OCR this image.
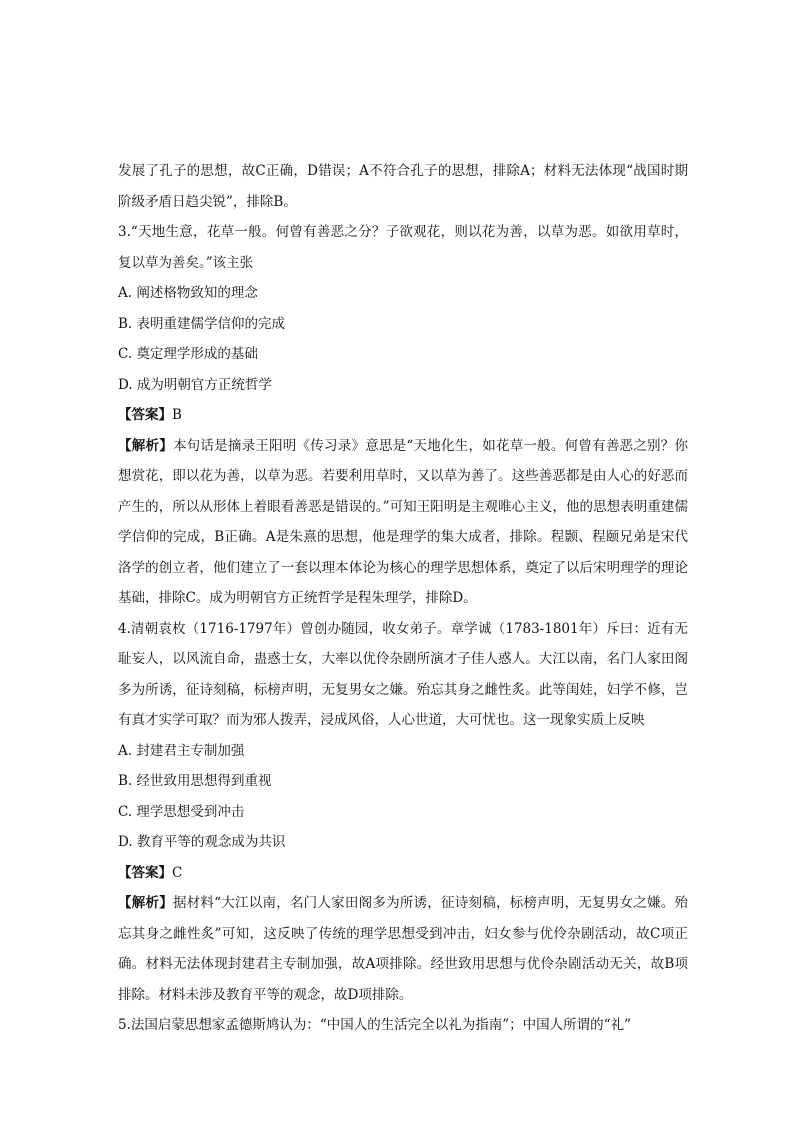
发展了孔子的思想，故C正确，D错误；A不符合孔子的思想，排除A；材料无法体现“战国时期阶级矛盾日趋尖锐”，排除B。

3.“天地生意，花草一般。何曾有善恶之分？子欲观花，则以花为善，以草为恶。如欲用草时，复以草为善矣。”该主张

A. 阐述格物致知的理念

B. 表明重建儒学信仰的完成

C. 奠定理学形成的基础

D. 成为明朝官方正统哲学

【答案】B

【解析】本句话是摘录王阳明《传习录》意思是“天地化生，如花草一般。何曾有善恶之别？你想赏花，即以花为善，以草为恶。若要利用草时，又以草为善了。这些善恶都是由人心的好恶而产生的，所以从形体上着眼看善恶是错误的。”可知王阳明是主观唯心主义，他的思想表明重建儒学信仰的完成，B正确。A是朱熹的思想，他是理学的集大成者，排除。程颢、程颐兄弟是宋代洛学的创立者，他们建立了一套以理本体论为核心的理学思想体系，奠定了以后宋明理学的理论基础，排除C。成为明朝官方正统哲学是程朱理学，排除D。

4.清朝袁枚（1716-1797年）曾创办随园，收女弟子。章学诚（1783-1801年）斥曰：近有无耻妄人，以风流自命，蛊惑士女，大率以优伶杂剧所演才子佳人惑人。大江以南，名门人家田阁多为所诱，征诗刻稿，标榜声明，无复男女之嫌。殆忘其身之雌性炙。此等闺娃，妇学不修，岂有真才实学可取？而为邪人拨弄，浸成风俗，人心世道，大可忧也。这一现象实质上反映

A. 封建君主专制加强

B. 经世致用思想得到重视

C. 理学思想受到冲击

D. 教育平等的观念成为共识

【答案】C

【解析】据材料“大江以南，名门人家田阁多为所诱，征诗刻稿，标榜声明，无复男女之嫌。殆忘其身之雌性炙”可知，这反映了传统的理学思想受到冲击，妇女参与优伶杂剧活动，故C项正确。材料无法体现封建君主专制加强，故A项排除。经世致用思想与优伶杂剧活动无关，故B项排除。材料未涉及教育平等的观念，故D项排除。

5.法国启蒙思想家孟德斯鸠认为：“中国人的生活完全以礼为指南”；中国人所谓的“礼”
